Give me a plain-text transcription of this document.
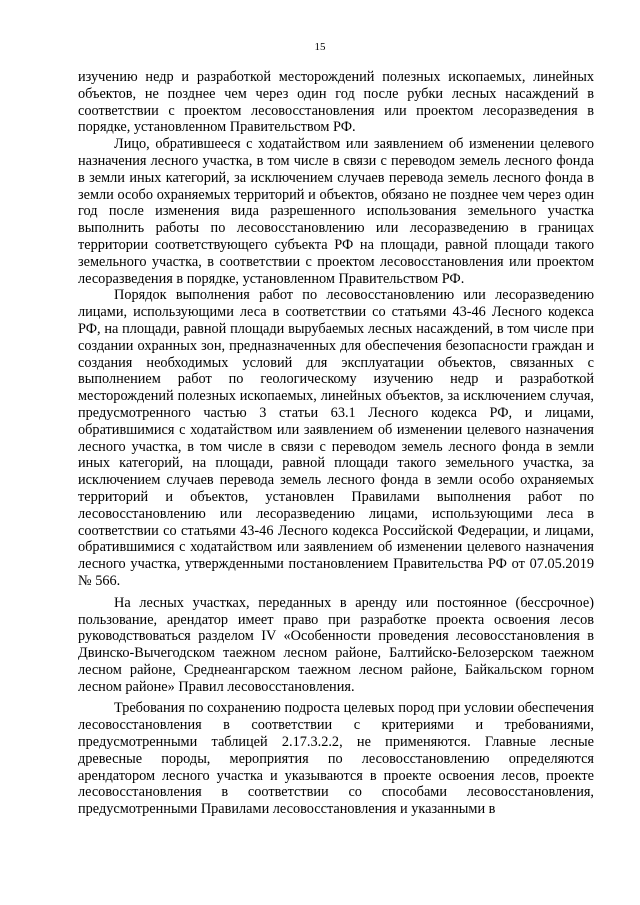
15

изучению недр и разработкой месторождений полезных ископаемых, линейных объектов, не позднее чем через один год после рубки лесных насаждений в соответствии с проектом лесовосстановления или проектом лесоразведения в порядке, установленном Правительством РФ.

Лицо, обратившееся с ходатайством или заявлением об изменении целевого назначения лесного участка, в том числе в связи с переводом земель лесного фонда в земли иных категорий, за исключением случаев перевода земель лесного фонда в земли особо охраняемых территорий и объектов, обязано не позднее чем через один год после изменения вида разрешенного использования земельного участка выполнить работы по лесовосстановлению или лесоразведению в границах территории соответствующего субъекта РФ на площади, равной площади такого земельного участка, в соответствии с проектом лесовосстановления или проектом лесоразведения в порядке, установленном Правительством РФ.

Порядок выполнения работ по лесовосстановлению или лесоразведению лицами, использующими леса в соответствии со статьями 43-46 Лесного кодекса РФ, на площади, равной площади вырубаемых лесных насаждений, в том числе при создании охранных зон, предназначенных для обеспечения безопасности граждан и создания необходимых условий для эксплуатации объектов, связанных с выполнением работ по геологическому изучению недр и разработкой месторождений полезных ископаемых, линейных объектов, за исключением случая, предусмотренного частью 3 статьи 63.1 Лесного кодекса РФ, и лицами, обратившимися с ходатайством или заявлением об изменении целевого назначения лесного участка, в том числе в связи с переводом земель лесного фонда в земли иных категорий, на площади, равной площади такого земельного участка, за исключением случаев перевода земель лесного фонда в земли особо охраняемых территорий и объектов, установлен Правилами выполнения работ по лесовосстановлению или лесоразведению лицами, использующими леса в соответствии со статьями 43-46 Лесного кодекса Российской Федерации, и лицами, обратившимися с ходатайством или заявлением об изменении целевого назначения лесного участка, утвержденными постановлением Правительства РФ от 07.05.2019 № 566.

На лесных участках, переданных в аренду или постоянное (бессрочное) пользование, арендатор имеет право при разработке проекта освоения лесов руководствоваться разделом IV «Особенности проведения лесовосстановления в Двинско-Вычегодском таежном лесном районе, Балтийско-Белозерском таежном лесном районе, Среднеангарском таежном лесном районе, Байкальском горном лесном районе» Правил лесовосстановления.

Требования по сохранению подроста целевых пород при условии обеспечения лесовосстановления в соответствии с критериями и требованиями, предусмотренными таблицей 2.17.3.2.2, не применяются. Главные лесные древесные породы, мероприятия по лесовосстановлению определяются арендатором лесного участка и указываются в проекте освоения лесов, проекте лесовосстановления в соответствии со способами лесовосстановления, предусмотренными Правилами лесовосстановления и указанными в
